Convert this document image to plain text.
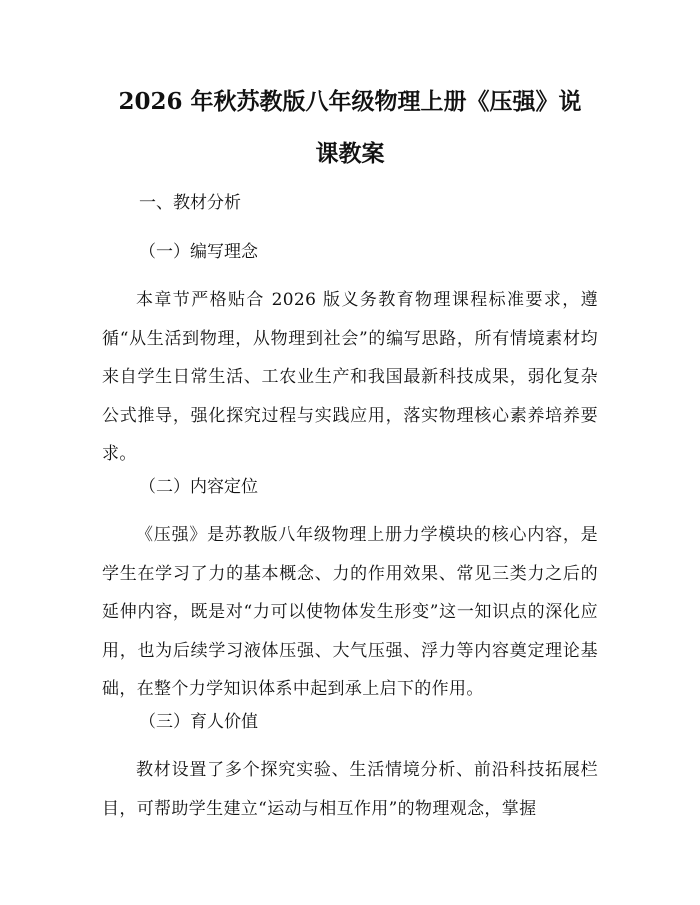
2026 年秋苏教版八年级物理上册《压强》说
课教案

一、教材分析

（一）编写理念

本章节严格贴合 2026 版义务教育物理课程标准要求，遵循“从生活到物理，从物理到社会”的编写思路，所有情境素材均来自学生日常生活、工农业生产和我国最新科技成果，弱化复杂公式推导，强化探究过程与实践应用，落实物理核心素养培养要求。

（二）内容定位

《压强》是苏教版八年级物理上册力学模块的核心内容，是学生在学习了力的基本概念、力的作用效果、常见三类力之后的延伸内容，既是对“力可以使物体发生形变”这一知识点的深化应用，也为后续学习液体压强、大气压强、浮力等内容奠定理论基础，在整个力学知识体系中起到承上启下的作用。

（三）育人价值

教材设置了多个探究实验、生活情境分析、前沿科技拓展栏目，可帮助学生建立“运动与相互作用”的物理观念，掌握
